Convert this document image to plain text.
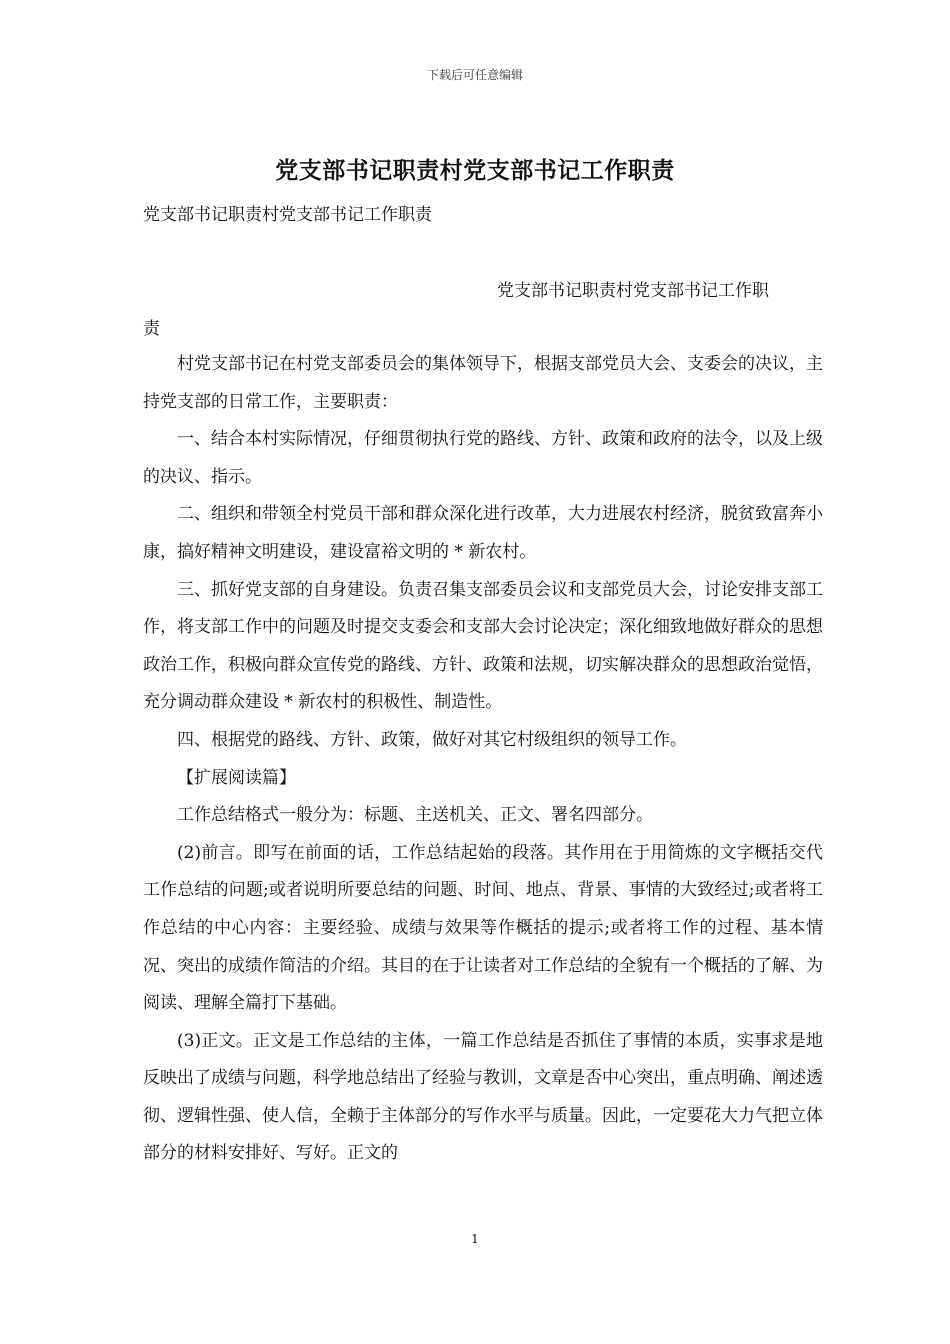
下载后可任意编辑
党支部书记职责村党支部书记工作职责
党支部书记职责村党支部书记工作职责
党支部书记职责村党支部书记工作职
责

村党支部书记在村党支部委员会的集体领导下，根据支部党员大会、支委会的决议，主持党支部的日常工作，主要职责：

一、结合本村实际情况，仔细贯彻执行党的路线、方针、政策和政府的法令，以及上级的决议、指示。

二、组织和带领全村党员干部和群众深化进行改革，大力进展农村经济，脱贫致富奔小康，搞好精神文明建设，建设富裕文明的 * 新农村。

三、抓好党支部的自身建设。负责召集支部委员会议和支部党员大会，讨论安排支部工作，将支部工作中的问题及时提交支委会和支部大会讨论决定；深化细致地做好群众的思想政治工作，积极向群众宣传党的路线、方针、政策和法规，切实解决群众的思想政治觉悟，充分调动群众建设 * 新农村的积极性、制造性。

四、根据党的路线、方针、政策，做好对其它村级组织的领导工作。

【扩展阅读篇】

工作总结格式一般分为：标题、主送机关、正文、署名四部分。

(2)前言。即写在前面的话，工作总结起始的段落。其作用在于用简炼的文字概括交代工作总结的问题;或者说明所要总结的问题、时间、地点、背景、事情的大致经过;或者将工作总结的中心内容：主要经验、成绩与效果等作概括的提示;或者将工作的过程、基本情况、突出的成绩作简洁的介绍。其目的在于让读者对工作总结的全貌有一个概括的了解、为阅读、理解全篇打下基础。

(3)正文。正文是工作总结的主体，一篇工作总结是否抓住了事情的本质，实事求是地反映出了成绩与问题，科学地总结出了经验与教训，文章是否中心突出，重点明确、阐述透彻、逻辑性强、使人信，全赖于主体部分的写作水平与质量。因此，一定要花大力气把立体部分的材料安排好、写好。正文的

1
